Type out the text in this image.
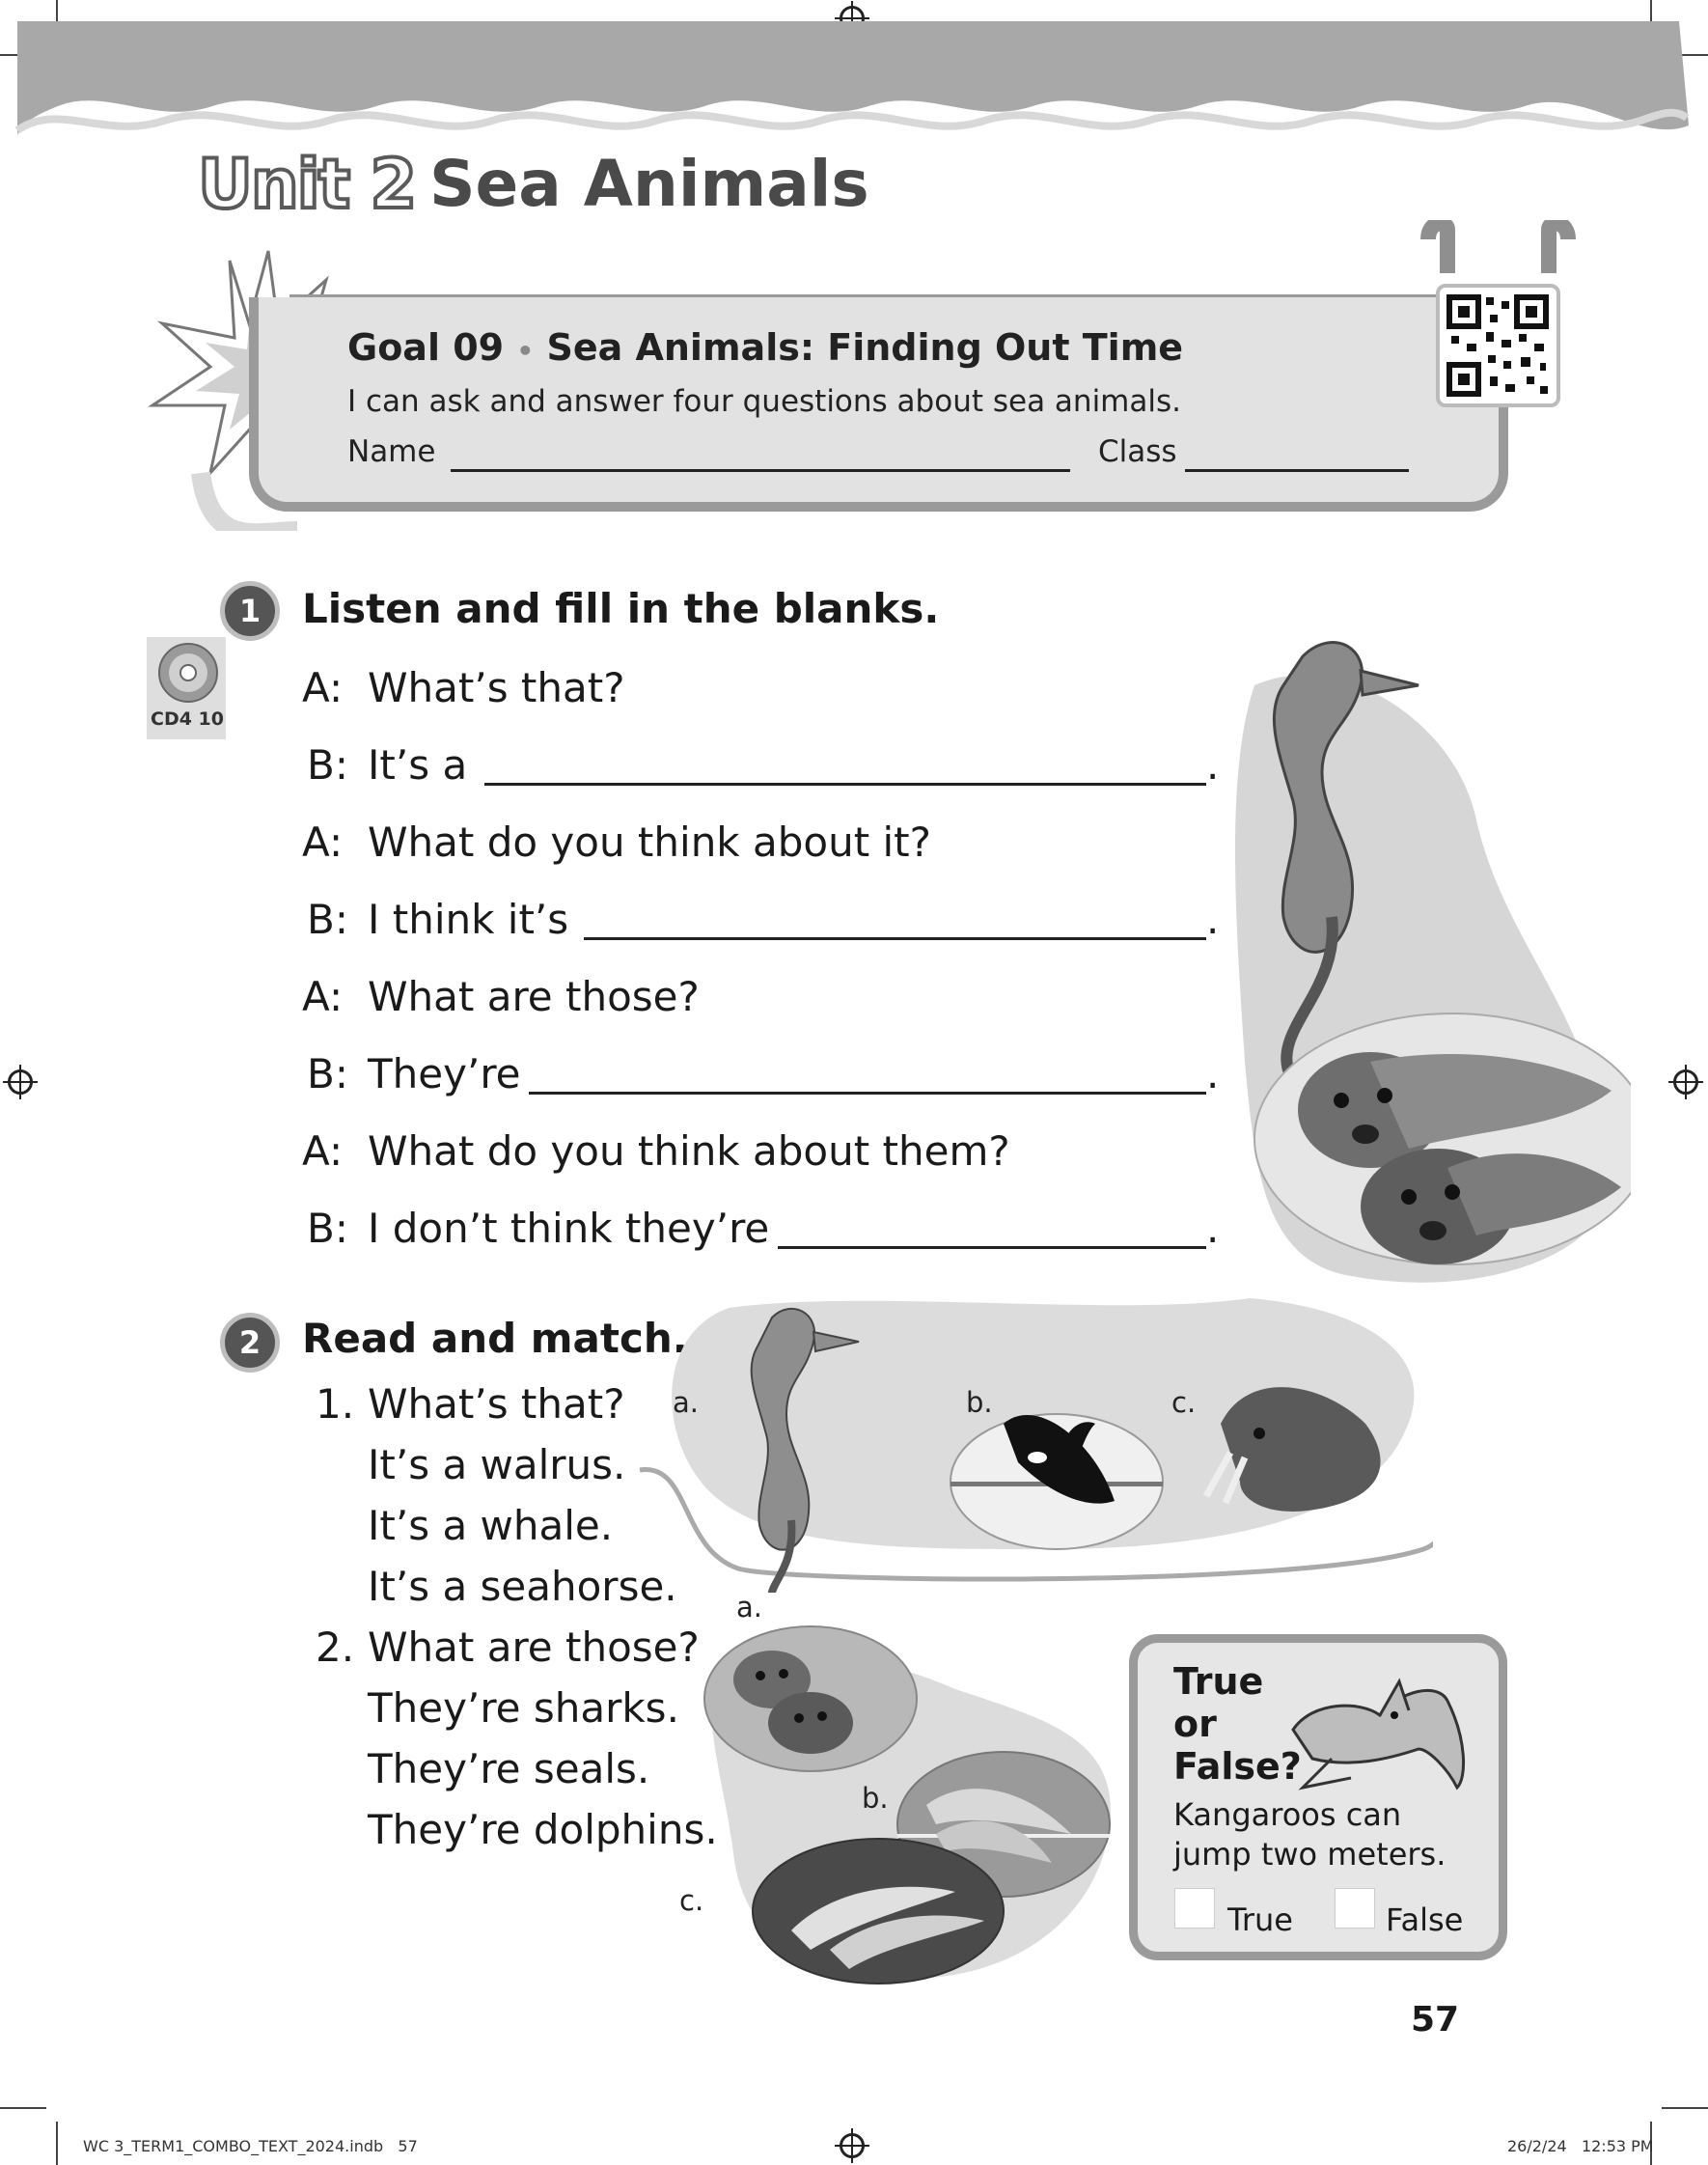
Unit 2 Sea Animals
Goal 09 • Sea Animals: Finding Out Time
I can ask and answer four questions about sea animals.
Name	Class
CD4 10
1	Listen and fill in the blanks.
A: What’s that?
B: It’s a	.
A: What do you think about it?
B: I think it’s	.
A: What are those?
B: They’re	.
A: What do you think about them?
B: I don’t think they’re	.
2	Read and match.
1. What’s that?
It’s a walrus.
It’s a whale.
It’s a seahorse.
2. What are those?
They’re sharks.
They’re seals.
They’re dolphins.
a.	b.	c.
a.
b.
c.
True
or
False?
Kangaroos can
jump two meters.
True	False
57
WC 3_TERM1_COMBO_TEXT_2024.indb   57	26/2/24   12:53 PM
